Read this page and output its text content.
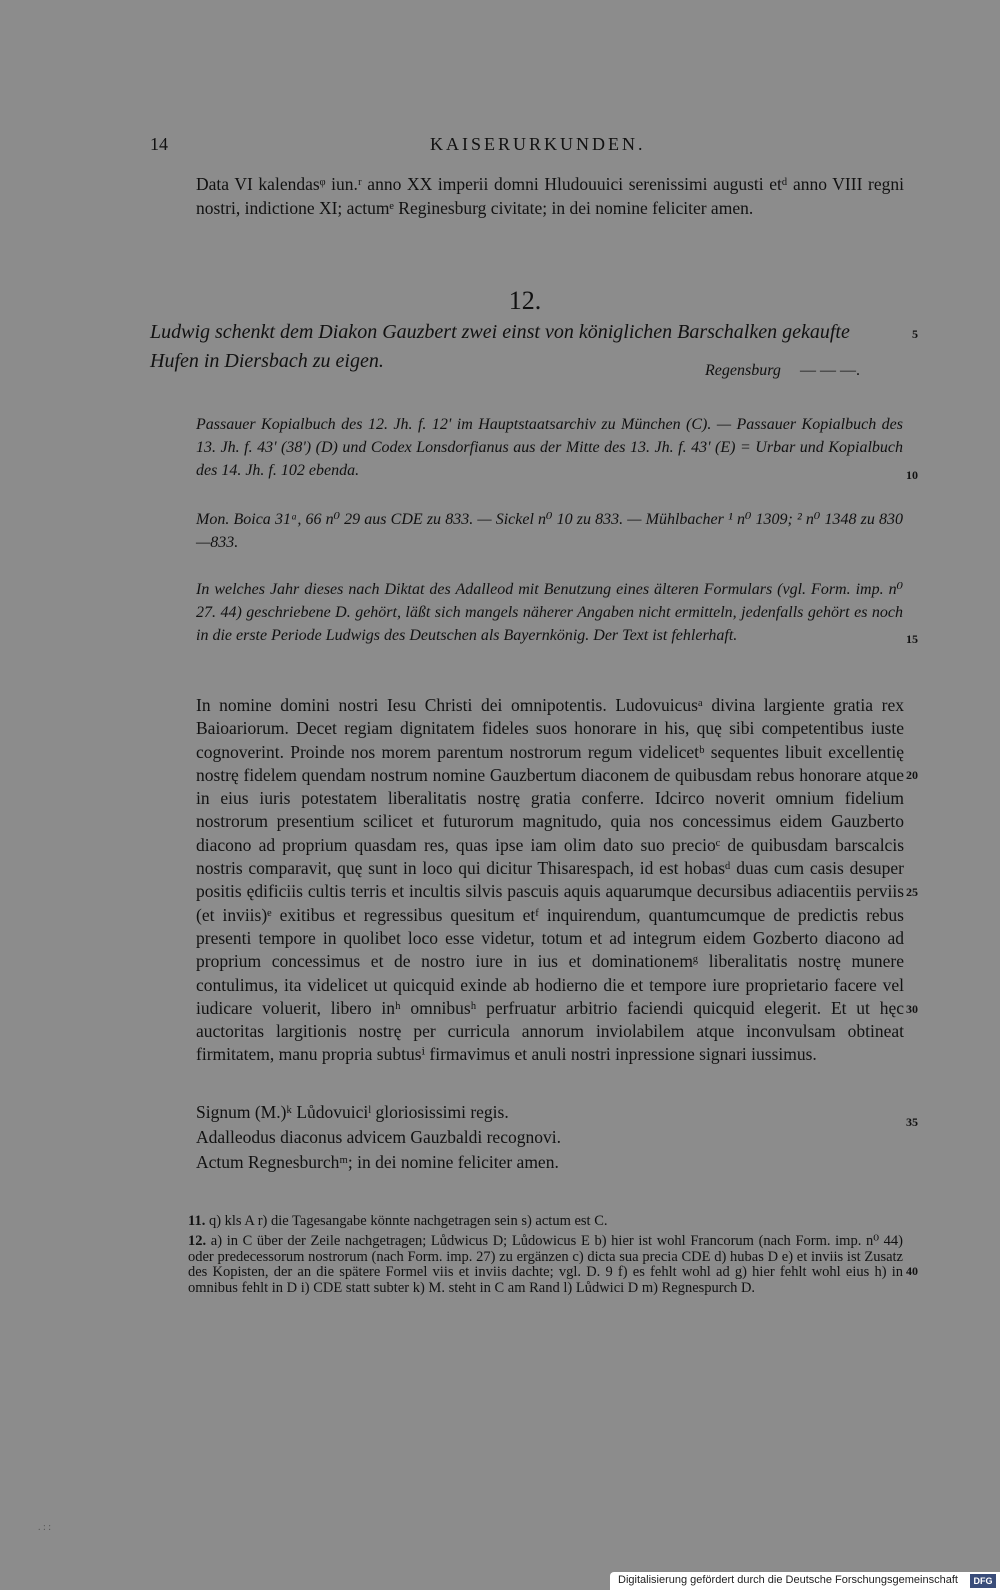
14	KAISERURKUNDEN.
Data VI kalendasᵠ iun.ʳ anno XX imperii domni Hludouuici serenissimi augusti etᵈ anno VIII regni nostri, indictione XI; actumᵉ Reginesburg civitate; in dei nomine feliciter amen.
12.
Ludwig schenkt dem Diakon Gauzbert zwei einst von königlichen Barschalken gekaufte Hufen in Diersbach zu eigen.	Regensburg — — —.
Passauer Kopialbuch des 12. Jh. f. 12' im Hauptstaatsarchiv zu München (C). — Passauer Kopialbuch des 13. Jh. f. 43' (38') (D) und Codex Lonsdorfianus aus der Mitte des 13. Jh. f. 43' (E) = Urbar und Kopialbuch des 14. Jh. f. 102 ebenda.
Mon. Boica 31ᵃ, 66 n⁰ 29 aus CDE zu 833. — Sickel n⁰ 10 zu 833. — Mühlbacher ¹ n⁰ 1309; ² n⁰ 1348 zu 830—833.
In welches Jahr dieses nach Diktat des Adalleod mit Benutzung eines älteren Formulars (vgl. Form. imp. n⁰ 27. 44) geschriebene D. gehört, läßt sich mangels näherer Angaben nicht ermitteln, jedenfalls gehört es noch in die erste Periode Ludwigs des Deutschen als Bayernkönig. Der Text ist fehlerhaft.
In nomine domini nostri Iesu Christi dei omnipotentis. Ludovuicusᵃ divina largiente gratia rex Baioariorum. Decet regiam dignitatem fideles suos honorare in his, quę sibi competentibus iuste cognoverint. Proinde nos morem parentum nostrorum regum videlicetᵇ sequentes libuit excellentię nostrę fidelem quendam nostrum nomine Gauzbertum diaconem de quibusdam rebus honorare atque in eius iuris potestatem liberalitatis nostrę gratia conferre. Idcirco noverit omnium fidelium nostrorum presentium scilicet et futurorum magnitudo, quia nos concessimus eidem Gauzberto diacono ad proprium quasdam res, quas ipse iam olim dato suo precioᶜ de quibusdam barscalcis nostris comparavit, quę sunt in loco qui dicitur Thisarespach, id est hobasᵈ duas cum casis desuper positis ędificiis cultis terris et incultis silvis pascuis aquis aquarumque decursibus adiacentiis perviis (et inviis)ᵉ exitibus et regressibus quesitum etᶠ inquirendum, quantumcumque de predictis rebus presenti tempore in quolibet loco esse videtur, totum et ad integrum eidem Gozberto diacono ad proprium concessimus et de nostro iure in ius et dominationemᵍ liberalitatis nostrę munere contulimus, ita videlicet ut quicquid exinde ab hodierno die et tempore iure proprietario facere vel iudicare voluerit, libero inʰ omnibusʰ perfruatur arbitrio faciendi quicquid elegerit. Et ut hęc auctoritas largitionis nostrę per curricula annorum inviolabilem atque inconvulsam obtineat firmitatem, manu propria subtusⁱ firmavimus et anuli nostri inpressione signari iussimus.
Signum (M.)ᵏ Lůdovuiciˡ gloriosissimi regis.
Adalleodus diaconus advicem Gauzbaldi recognovi.
Actum Regnesburchᵐ; in dei nomine feliciter amen.
11. q) kls A r) die Tagesangabe könnte nachgetragen sein s) actum est C.
12. a) in C über der Zeile nachgetragen; Lůdwicus D; Lůdowicus E b) hier ist wohl Francorum (nach Form. imp. n⁰ 44) oder predecessorum nostrorum (nach Form. imp. 27) zu ergänzen c) dicta sua precia CDE d) hubas D e) et inviis ist Zusatz des Kopisten, der an die spätere Formel viis et inviis dachte; vgl. D. 9 f) es fehlt wohl ad g) hier fehlt wohl eius h) in omnibus fehlt in D i) CDE statt subter k) M. steht in C am Rand l) Lůdwici D m) Regnespurch D.
5
10
15
20
25
30
35
40
. : :
Digitalisierung gefördert durch die Deutsche Forschungsgemeinschaft	DFG
